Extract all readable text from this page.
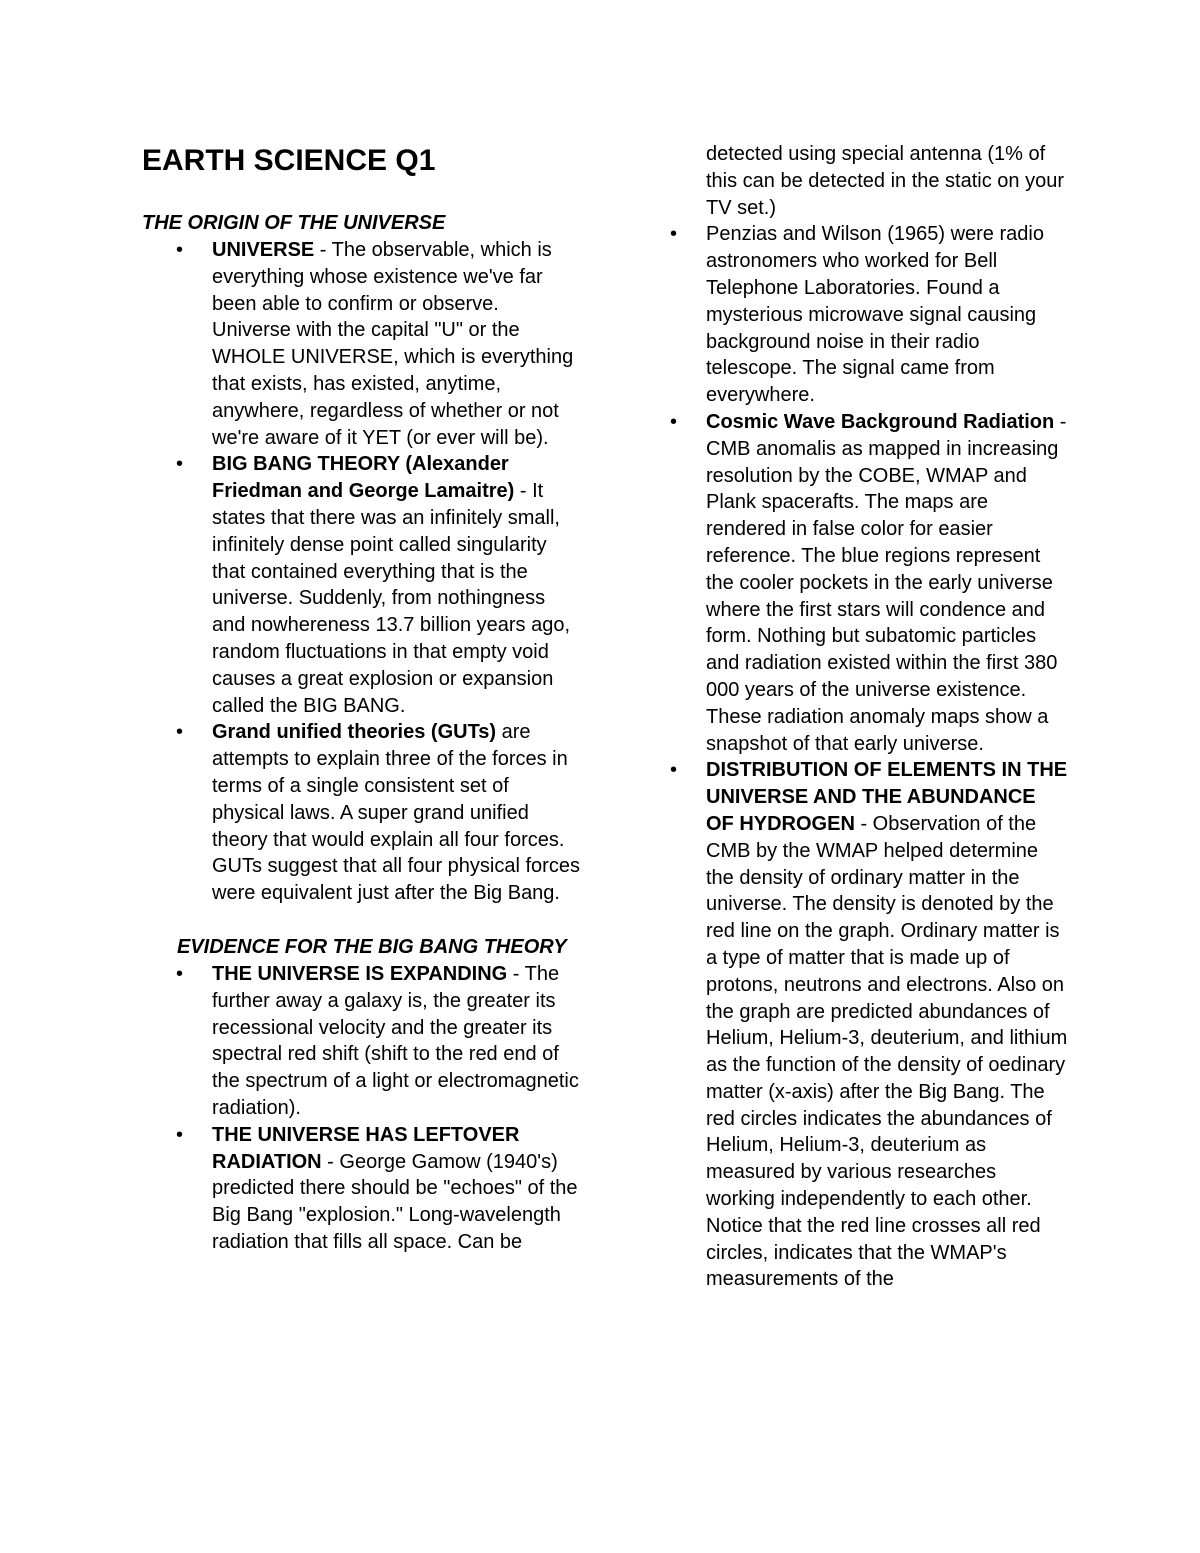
EARTH SCIENCE Q1
THE ORIGIN OF THE UNIVERSE
• UNIVERSE - The observable, which is everything whose existence we've far been able to confirm or observe. Universe with the capital "U" or the WHOLE UNIVERSE, which is everything that exists, has existed, anytime, anywhere, regardless of whether or not we're aware of it YET (or ever will be).
• BIG BANG THEORY (Alexander Friedman and George Lamaitre) - It states that there was an infinitely small, infinitely dense point called singularity that contained everything that is the universe. Suddenly, from nothingness and nowhereness 13.7 billion years ago, random fluctuations in that empty void causes a great explosion or expansion called the BIG BANG.
• Grand unified theories (GUTs) are attempts to explain three of the forces in terms of a single consistent set of physical laws. A super grand unified theory that would explain all four forces. GUTs suggest that all four physical forces were equivalent just after the Big Bang.
EVIDENCE FOR THE BIG BANG THEORY
• THE UNIVERSE IS EXPANDING - The further away a galaxy is, the greater its recessional velocity and the greater its spectral red shift (shift to the red end of the spectrum of a light or electromagnetic radiation).
• THE UNIVERSE HAS LEFTOVER RADIATION - George Gamow (1940's) predicted there should be "echoes" of the Big Bang "explosion." Long-wavelength radiation that fills all space. Can be
detected using special antenna (1% of this can be detected in the static on your TV set.)
• Penzias and Wilson (1965) were radio astronomers who worked for Bell Telephone Laboratories. Found a mysterious microwave signal causing background noise in their radio telescope. The signal came from everywhere.
• Cosmic Wave Background Radiation - CMB anomalis as mapped in increasing resolution by the COBE, WMAP and Plank spacerafts. The maps are rendered in false color for easier reference. The blue regions represent the cooler pockets in the early universe where the first stars will condence and form. Nothing but subatomic particles and radiation existed within the first 380 000 years of the universe existence. These radiation anomaly maps show a snapshot of that early universe.
• DISTRIBUTION OF ELEMENTS IN THE UNIVERSE AND THE ABUNDANCE OF HYDROGEN - Observation of the CMB by the WMAP helped determine the density of ordinary matter in the universe. The density is denoted by the red line on the graph. Ordinary matter is a type of matter that is made up of protons, neutrons and electrons. Also on the graph are predicted abundances of Helium, Helium-3, deuterium, and lithium as the function of the density of oedinary matter (x-axis) after the Big Bang. The red circles indicates the abundances of Helium, Helium-3, deuterium as measured by various researches working independently to each other. Notice that the red line crosses all red circles, indicates that the WMAP's measurements of the
